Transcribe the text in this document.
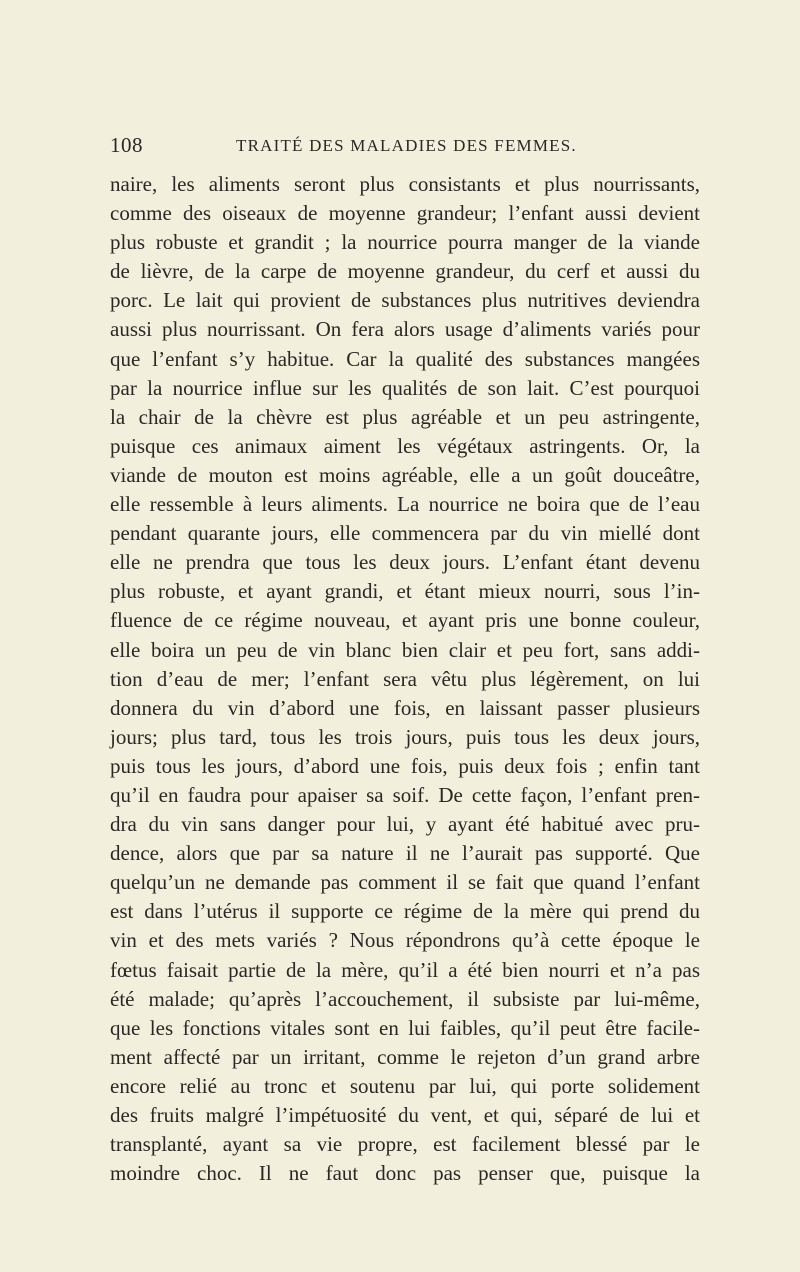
108	TRAITÉ DES MALADIES DES FEMMES.
naire, les aliments seront plus consistants et plus nourrissants,
comme des oiseaux de moyenne grandeur; l’enfant aussi devient
plus robuste et grandit ; la nourrice pourra manger de la viande
de lièvre, de la carpe de moyenne grandeur, du cerf et aussi du
porc. Le lait qui provient de substances plus nutritives deviendra
aussi plus nourrissant. On fera alors usage d’aliments variés pour
que l’enfant s’y habitue. Car la qualité des substances mangées
par la nourrice influe sur les qualités de son lait. C’est pourquoi
la chair de la chèvre est plus agréable et un peu astringente,
puisque ces animaux aiment les végétaux astringents. Or, la
viande de mouton est moins agréable, elle a un goût douceâtre,
elle ressemble à leurs aliments. La nourrice ne boira que de l’eau
pendant quarante jours, elle commencera par du vin miellé dont
elle ne prendra que tous les deux jours. L’enfant étant devenu
plus robuste, et ayant grandi, et étant mieux nourri, sous l’in-
fluence de ce régime nouveau, et ayant pris une bonne couleur,
elle boira un peu de vin blanc bien clair et peu fort, sans addi-
tion d’eau de mer; l’enfant sera vêtu plus légèrement, on lui
donnera du vin d’abord une fois, en laissant passer plusieurs
jours; plus tard, tous les trois jours, puis tous les deux jours,
puis tous les jours, d’abord une fois, puis deux fois ; enfin tant
qu’il en faudra pour apaiser sa soif. De cette façon, l’enfant pren-
dra du vin sans danger pour lui, y ayant été habitué avec pru-
dence, alors que par sa nature il ne l’aurait pas supporté. Que
quelqu’un ne demande pas comment il se fait que quand l’enfant
est dans l’utérus il supporte ce régime de la mère qui prend du
vin et des mets variés ? Nous répondrons qu’à cette époque le
fœtus faisait partie de la mère, qu’il a été bien nourri et n’a pas
été malade; qu’après l’accouchement, il subsiste par lui-même,
que les fonctions vitales sont en lui faibles, qu’il peut être facile-
ment affecté par un irritant, comme le rejeton d’un grand arbre
encore relié au tronc et soutenu par lui, qui porte solidement
des fruits malgré l’impétuosité du vent, et qui, séparé de lui et
transplanté, ayant sa vie propre, est facilement blessé par le
moindre choc. Il ne faut donc pas penser que, puisque la
